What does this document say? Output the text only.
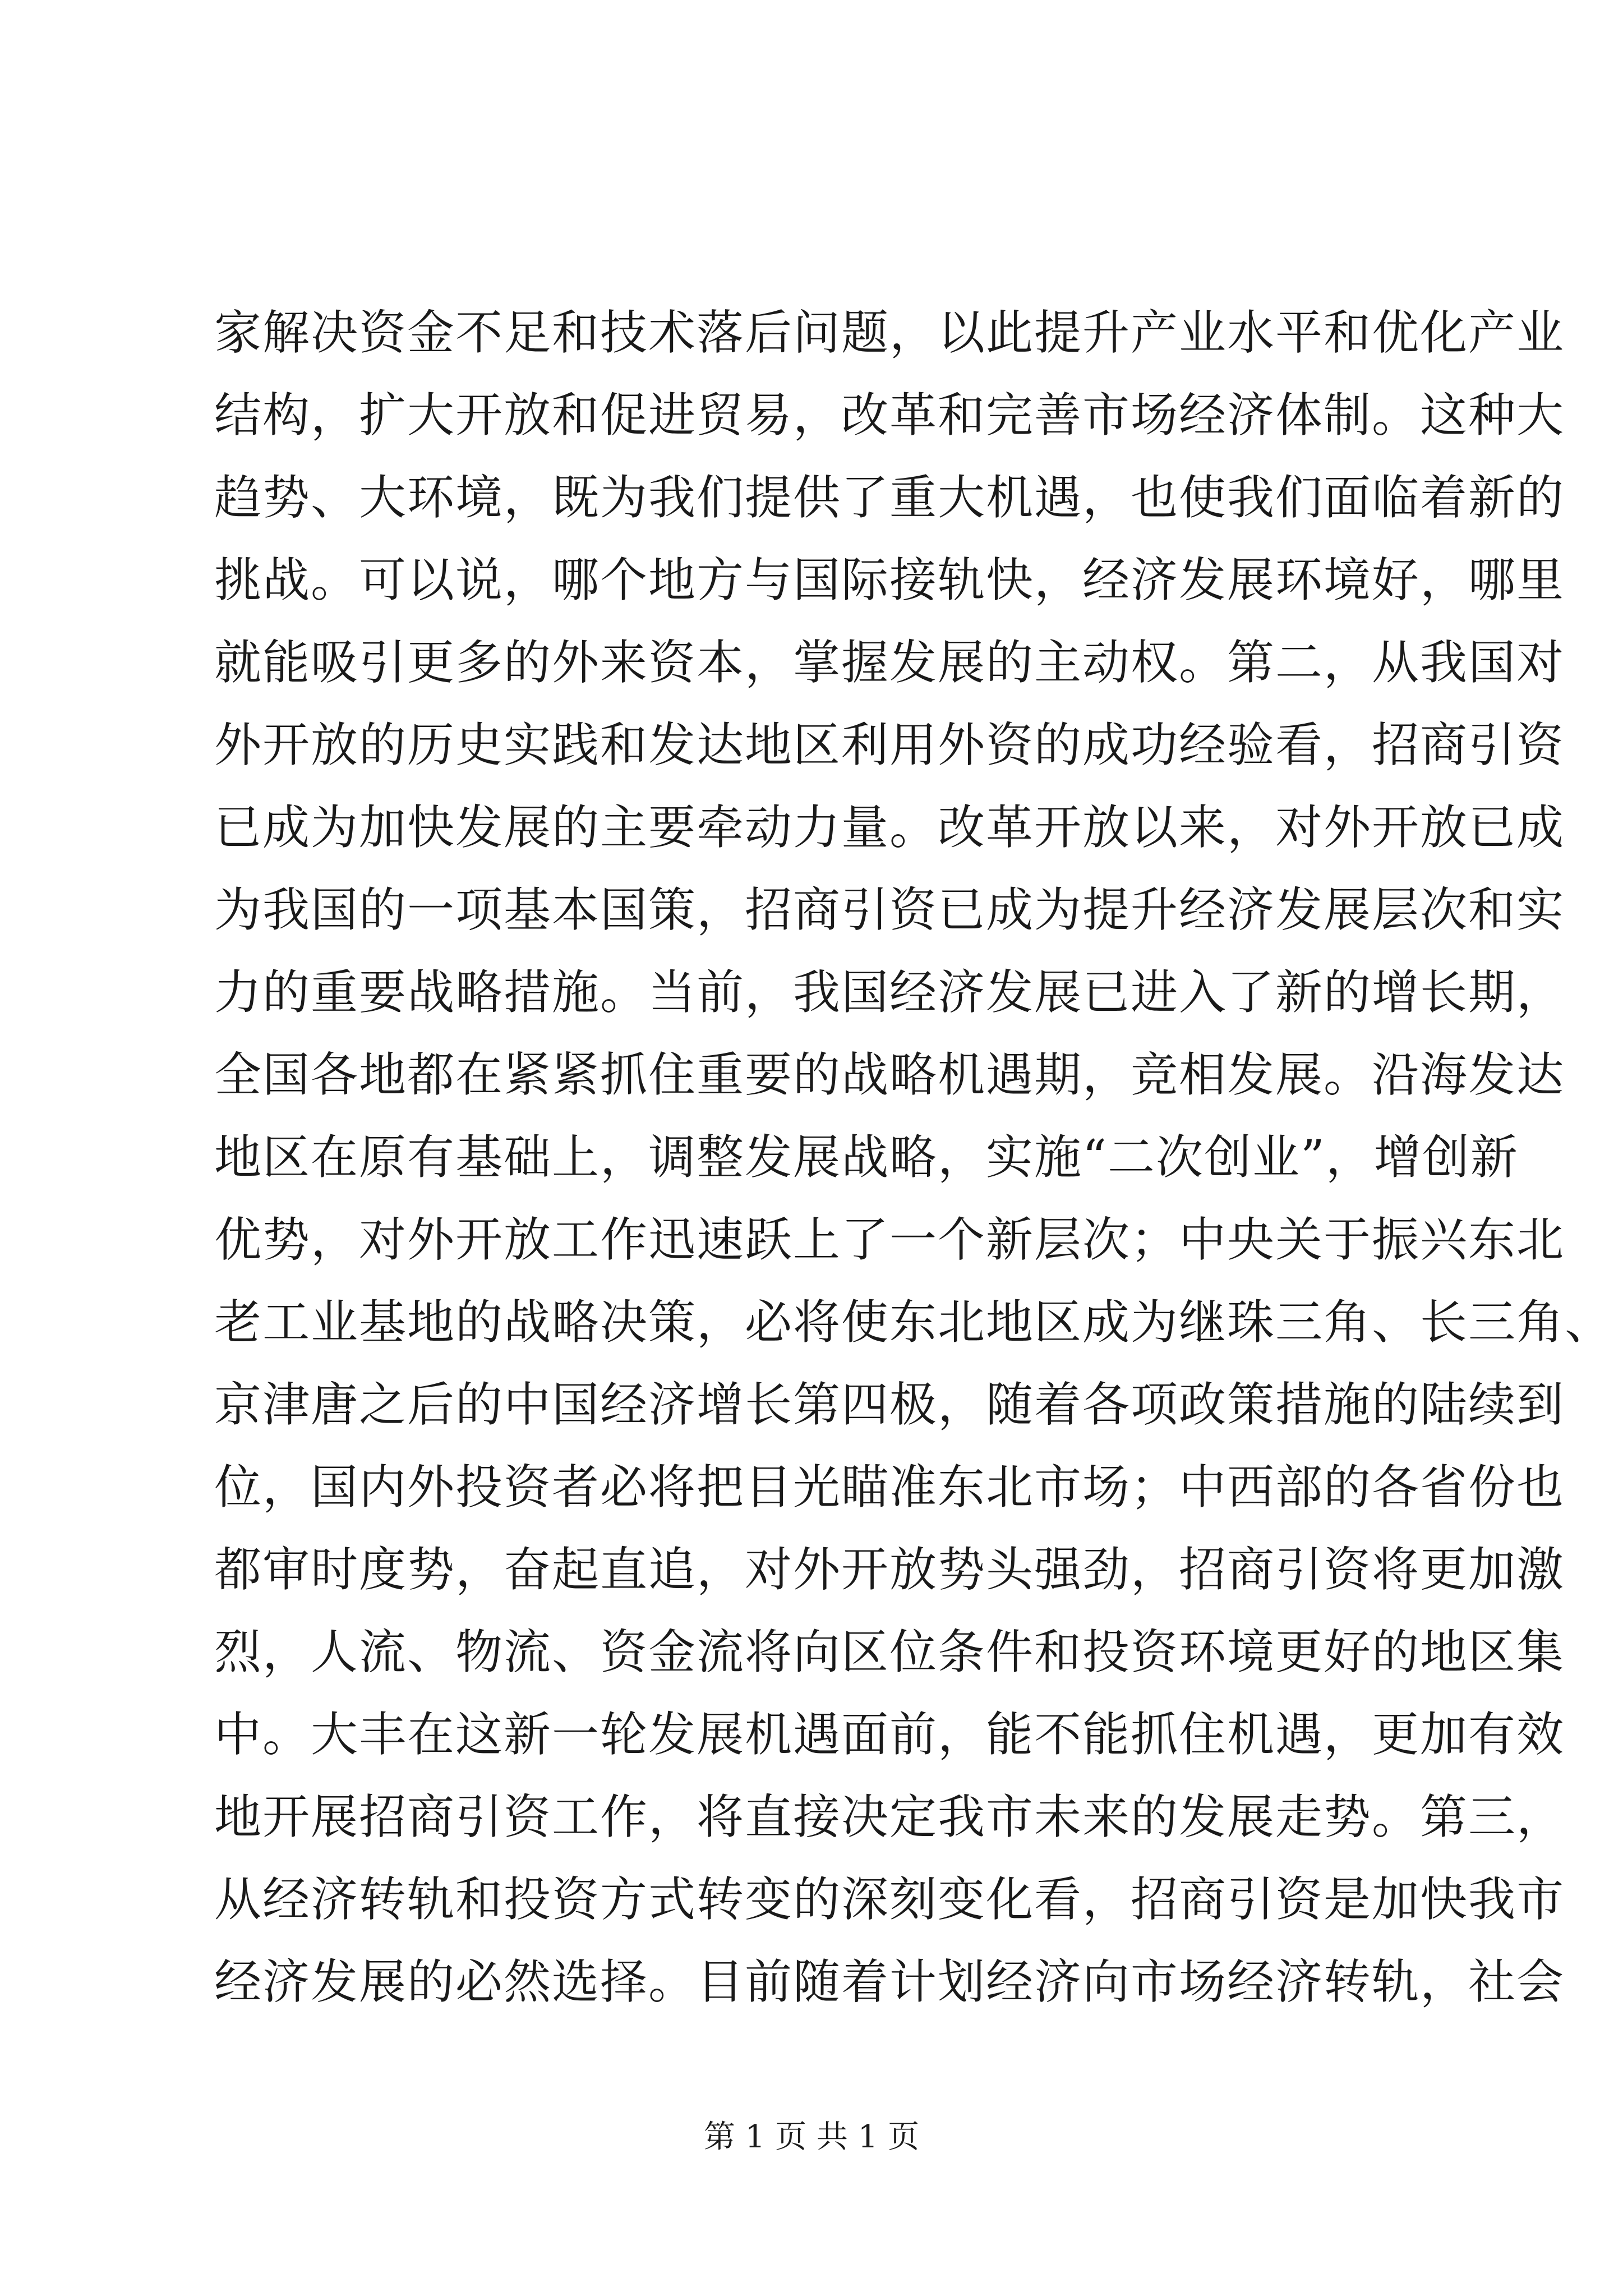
家解决资金不足和技术落后问题，以此提升产业水平和优化产业
结构，扩大开放和促进贸易，改革和完善市场经济体制。这种大
趋势、大环境，既为我们提供了重大机遇，也使我们面临着新的
挑战。可以说，哪个地方与国际接轨快，经济发展环境好，哪里
就能吸引更多的外来资本，掌握发展的主动权。第二，从我国对
外开放的历史实践和发达地区利用外资的成功经验看，招商引资
已成为加快发展的主要牵动力量。改革开放以来，对外开放已成
为我国的一项基本国策，招商引资已成为提升经济发展层次和实
力的重要战略措施。当前，我国经济发展已进入了新的增长期，
全国各地都在紧紧抓住重要的战略机遇期，竞相发展。沿海发达
地区在原有基础上，调整发展战略，实施“二次创业”，增创新
优势，对外开放工作迅速跃上了一个新层次；中央关于振兴东北
老工业基地的战略决策，必将使东北地区成为继珠三角、长三角、
京津唐之后的中国经济增长第四极，随着各项政策措施的陆续到
位，国内外投资者必将把目光瞄准东北市场；中西部的各省份也
都审时度势，奋起直追，对外开放势头强劲，招商引资将更加激
烈，人流、物流、资金流将向区位条件和投资环境更好的地区集
中。大丰在这新一轮发展机遇面前，能不能抓住机遇，更加有效
地开展招商引资工作，将直接决定我市未来的发展走势。第三，
从经济转轨和投资方式转变的深刻变化看，招商引资是加快我市
经济发展的必然选择。目前随着计划经济向市场经济转轨，社会
第 1 页 共 1 页
